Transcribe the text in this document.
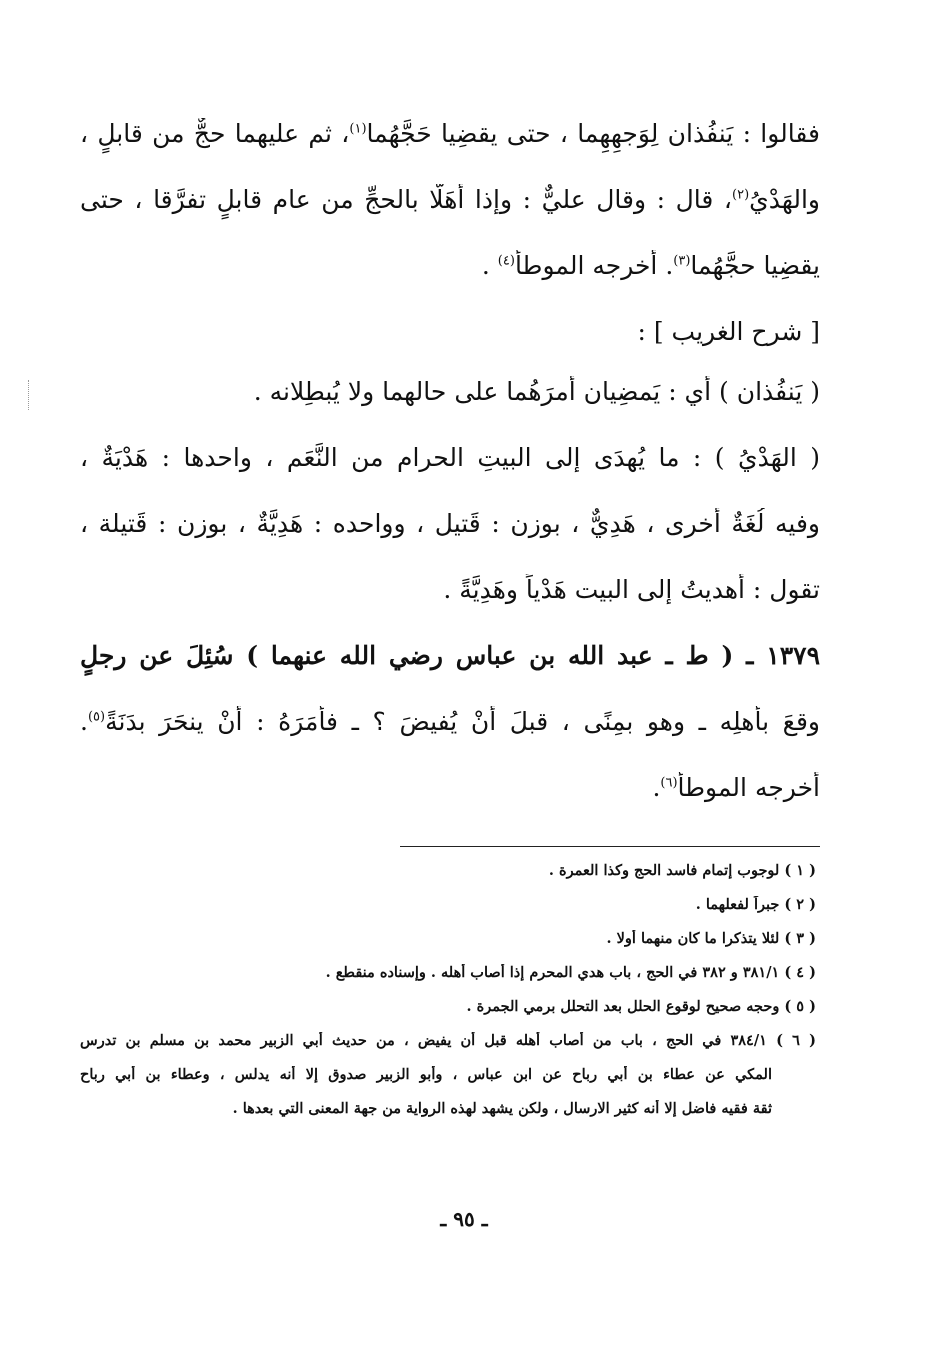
فقالوا : يَنفُذان لِوَجهِهِما ، حتى يقضِيا حَجَّهُما$^{(١)}$، ثم عليهما حجٌّ من قابلٍ ،
والهَدْيُ$^{(٢)}$، قال : وقال عليٌّ : وإذا أهَلَّا بالحجِّ من عام قابلٍ تفرَّقا ، حتى
يقضِيا حجَّهُما$^{(٣)}$. أخرجه الموطأ$^{(٤)}$ .
[ شرح الغريب ] :
( يَنفُذان ) أي : يَمضِيان أمرَهُما على حالهما ولا يُبطِلانه .
( الهَدْيُ ) : ما يُهدَى إلى البيتِ الحرام من النَّعَم ، واحدها : هَدْيَةٌ ،
وفيه لُغَةٌ أخرى ، هَدِيٌّ ، بوزن : قَتيل ، وواحده : هَدِيَّةٌ ، بوزن : قَتيلة ،
تقول : أهديتُ إلى البيت هَدْياً وهَدِيَّةً .
١٣٧٩ ـ ( ط ـ عبد الله بن عباس رضي الله عنهما ) سُئِلَ عن رجلٍ
وقعَ بأهلِه ـ وهو بمِنًى ، قبلَ أنْ يُفيضَ ؟ ـ فأمَرَهُ : أنْ ينحَرَ بدَنَةً$^{(٥)}$.
أخرجه الموطأ$^{(٦)}$.
( ١ ) لوجوب إتمام فاسد الحج وكذا العمرة .
( ٢ ) جبراً لفعلهما .
( ٣ ) لئلا يتذكرا ما كان منهما أولا .
( ٤ ) ٣٨١/١ و ٣٨٢ في الحج ، باب هدي المحرم إذا أصاب أهله . وإسناده منقطع .
( ٥ ) وحجه صحيح لوقوع الحلل بعد التحلل برمي الجمرة .
( ٦ ) ٣٨٤/١ في الحج ، باب من أصاب أهله قبل أن يفيض ، من حديث أبي الزبير محمد بن مسلم بن تدرس
المكي عن عطاء بن أبي رباح عن ابن عباس ، وأبو الزبير صدوق إلا أنه يدلس ، وعطاء بن أبي رباح
ثقة فقيه فاضل إلا أنه كثير الارسال ، ولكن يشهد لهذه الرواية من جهة المعنى التي بعدها .
ـ ٩٥ ـ
